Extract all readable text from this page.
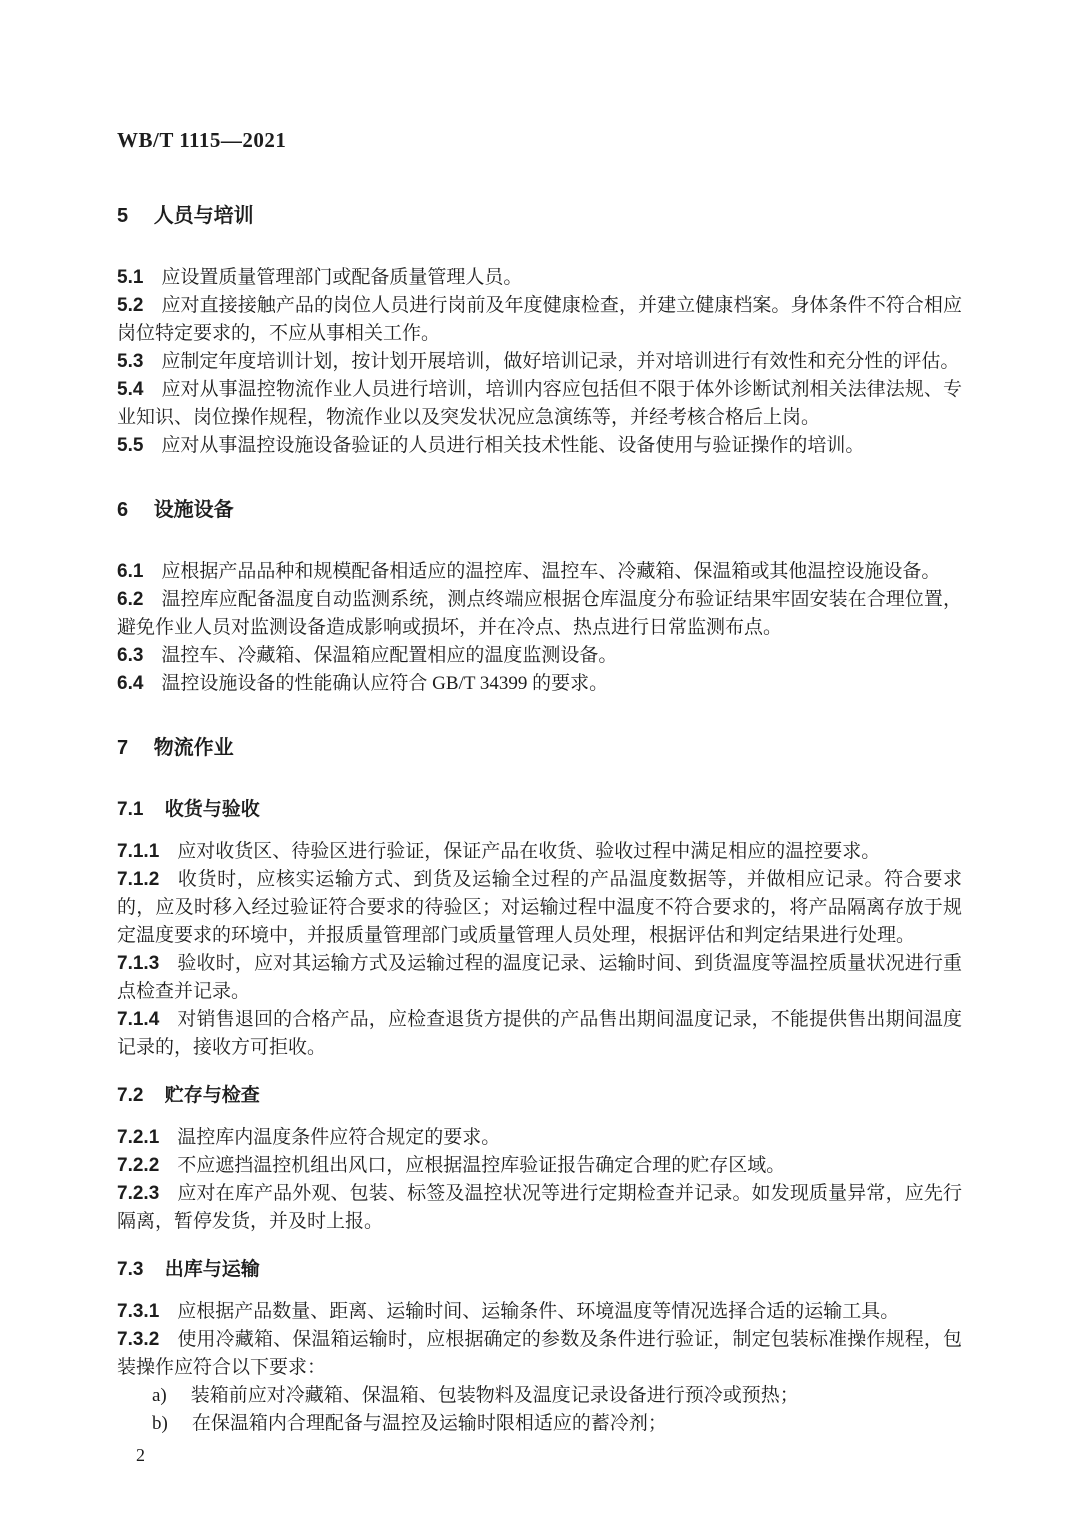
WB/T 1115—2021
5 人员与培训

5.1 应设置质量管理部门或配备质量管理人员。

5.2 应对直接接触产品的岗位人员进行岗前及年度健康检查，并建立健康档案。身体条件不符合相应岗位特定要求的，不应从事相关工作。

5.3 应制定年度培训计划，按计划开展培训，做好培训记录，并对培训进行有效性和充分性的评估。

5.4 应对从事温控物流作业人员进行培训，培训内容应包括但不限于体外诊断试剂相关法律法规、专业知识、岗位操作规程，物流作业以及突发状况应急演练等，并经考核合格后上岗。

5.5 应对从事温控设施设备验证的人员进行相关技术性能、设备使用与验证操作的培训。

6 设施设备

6.1 应根据产品品种和规模配备相适应的温控库、温控车、冷藏箱、保温箱或其他温控设施设备。

6.2 温控库应配备温度自动监测系统，测点终端应根据仓库温度分布验证结果牢固安装在合理位置，避免作业人员对监测设备造成影响或损坏，并在冷点、热点进行日常监测布点。

6.3 温控车、冷藏箱、保温箱应配置相应的温度监测设备。

6.4 温控设施设备的性能确认应符合 GB/T 34399 的要求。

7 物流作业
7.1 收货与验收

7.1.1 应对收货区、待验区进行验证，保证产品在收货、验收过程中满足相应的温控要求。

7.1.2 收货时，应核实运输方式、到货及运输全过程的产品温度数据等，并做相应记录。符合要求的，应及时移入经过验证符合要求的待验区；对运输过程中温度不符合要求的，将产品隔离存放于规定温度要求的环境中，并报质量管理部门或质量管理人员处理，根据评估和判定结果进行处理。

7.1.3 验收时，应对其运输方式及运输过程的温度记录、运输时间、到货温度等温控质量状况进行重点检查并记录。

7.1.4 对销售退回的合格产品，应检查退货方提供的产品售出期间温度记录，不能提供售出期间温度记录的，接收方可拒收。

7.2 贮存与检查

7.2.1 温控库内温度条件应符合规定的要求。

7.2.2 不应遮挡温控机组出风口，应根据温控库验证报告确定合理的贮存区域。

7.2.3 应对在库产品外观、包装、标签及温控状况等进行定期检查并记录。如发现质量异常，应先行隔离，暂停发货，并及时上报。

7.3 出库与运输

7.3.1 应根据产品数量、距离、运输时间、运输条件、环境温度等情况选择合适的运输工具。

7.3.2 使用冷藏箱、保温箱运输时，应根据确定的参数及条件进行验证，制定包装标准操作规程，包装操作应符合以下要求：

a) 装箱前应对冷藏箱、保温箱、包装物料及温度记录设备进行预冷或预热；

b) 在保温箱内合理配备与温控及运输时限相适应的蓄冷剂；

2
